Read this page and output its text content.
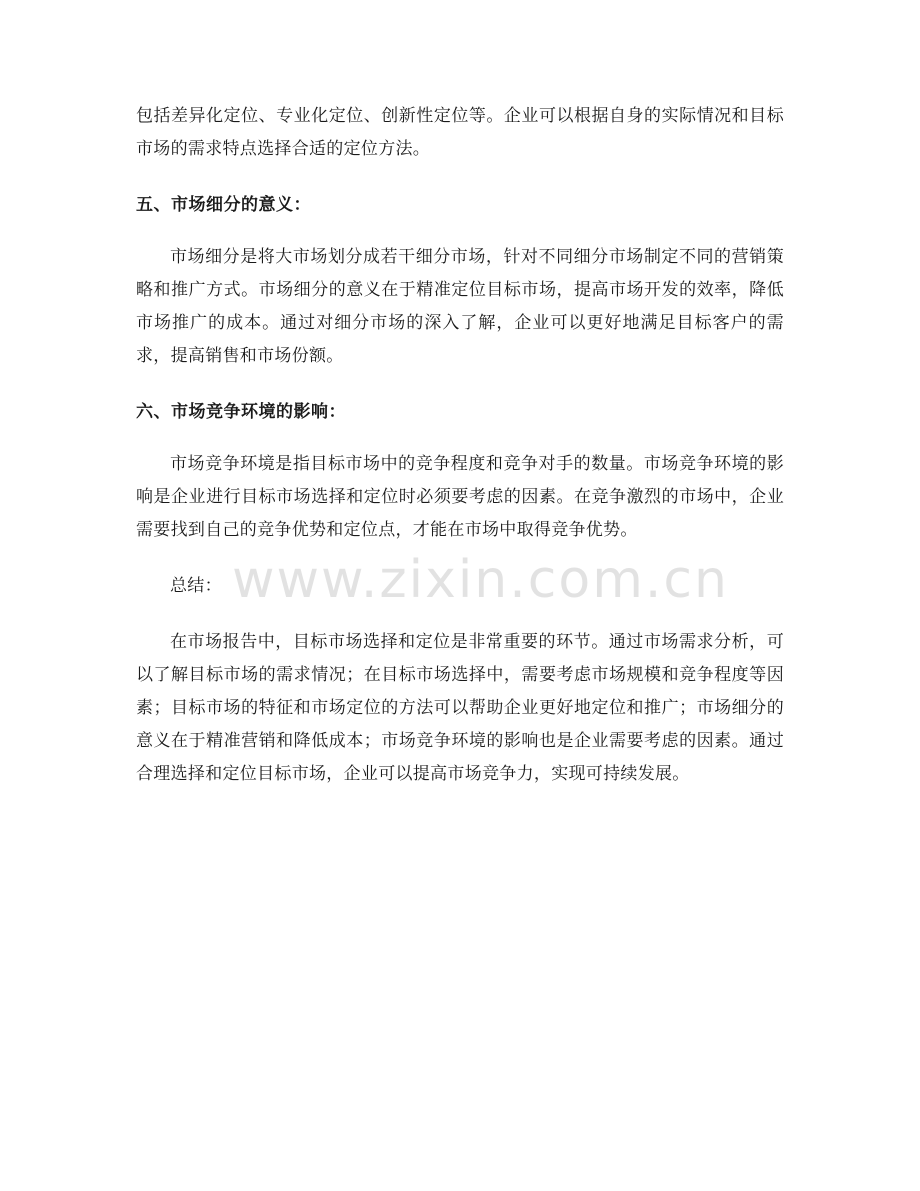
包括差异化定位、专业化定位、创新性定位等。企业可以根据自身的实际情况和目标市场的需求特点选择合适的定位方法。

五、市场细分的意义：

市场细分是将大市场划分成若干细分市场，针对不同细分市场制定不同的营销策略和推广方式。市场细分的意义在于精准定位目标市场，提高市场开发的效率，降低市场推广的成本。通过对细分市场的深入了解，企业可以更好地满足目标客户的需求，提高销售和市场份额。

六、市场竞争环境的影响：

市场竞争环境是指目标市场中的竞争程度和竞争对手的数量。市场竞争环境的影响是企业进行目标市场选择和定位时必须要考虑的因素。在竞争激烈的市场中，企业需要找到自己的竞争优势和定位点，才能在市场中取得竞争优势。

总结：

在市场报告中，目标市场选择和定位是非常重要的环节。通过市场需求分析，可以了解目标市场的需求情况；在目标市场选择中，需要考虑市场规模和竞争程度等因素；目标市场的特征和市场定位的方法可以帮助企业更好地定位和推广；市场细分的意义在于精准营销和降低成本；市场竞争环境的影响也是企业需要考虑的因素。通过合理选择和定位目标市场，企业可以提高市场竞争力，实现可持续发展。

www.zixin.com.cn
